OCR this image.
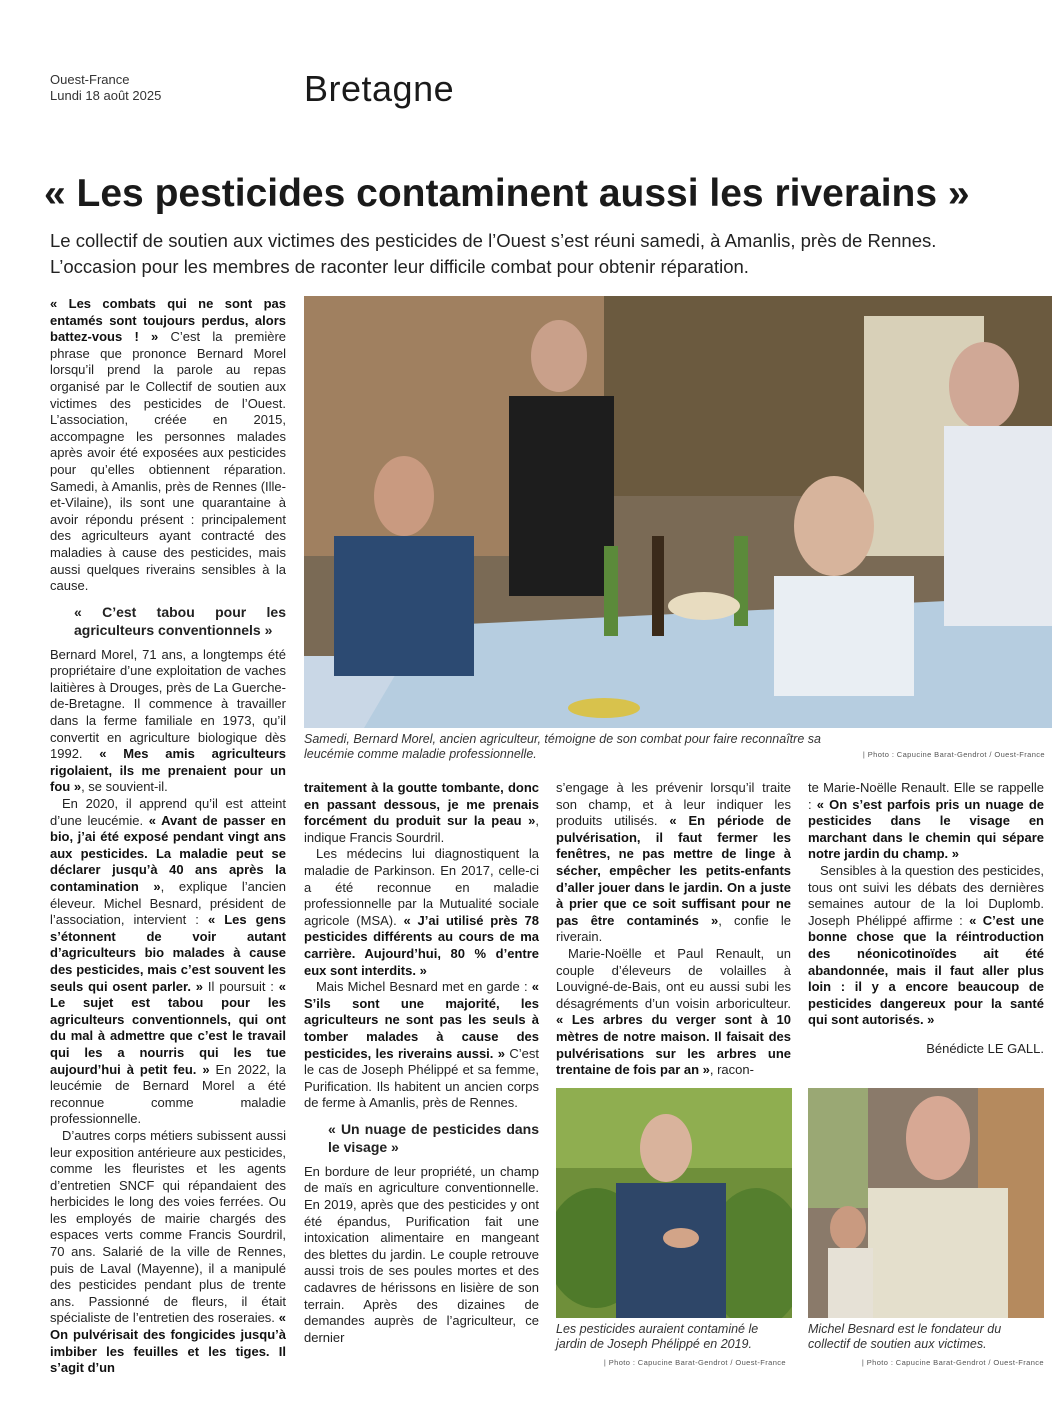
Ouest-France
Lundi 18 août 2025	Bretagne
« Les pesticides contaminent aussi les riverains »
Le collectif de soutien aux victimes des pesticides de l’Ouest s’est réuni samedi, à Amanlis, près de Rennes. L’occasion pour les membres de raconter leur difficile combat pour obtenir réparation.

« Les combats qui ne sont pas entamés sont toujours perdus, alors battez-vous ! » C’est la première phrase que prononce Bernard Morel lorsqu’il prend la parole au repas organisé par le Collectif de soutien aux victimes des pesticides de l’Ouest. L’association, créée en 2015, accompagne les personnes malades après avoir été exposées aux pesticides pour qu’elles obtiennent réparation. Samedi, à Amanlis, près de Rennes (Ille-et-Vilaine), ils sont une quarantaine à avoir répondu présent : principalement des agriculteurs ayant contracté des maladies à cause des pesticides, mais aussi quelques riverains sensibles à la cause.

« C’est tabou pour les agriculteurs conventionnels »

Bernard Morel, 71 ans, a longtemps été propriétaire d’une exploitation de vaches laitières à Drouges, près de La Guerche-de-Bretagne. Il commence à travailler dans la ferme familiale en 1973, qu’il convertit en agriculture biologique dès 1992. « Mes amis agriculteurs rigolaient, ils me prenaient pour un fou », se souvient-il.

En 2020, il apprend qu’il est atteint d’une leucémie. « Avant de passer en bio, j’ai été exposé pendant vingt ans aux pesticides. La maladie peut se déclarer jusqu’à 40 ans après la contamination », explique l’ancien éleveur. Michel Besnard, président de l’association, intervient : « Les gens s’étonnent de voir autant d’agriculteurs bio malades à cause des pesticides, mais c’est souvent les seuls qui osent parler. » Il poursuit : « Le sujet est tabou pour les agriculteurs conventionnels, qui ont du mal à admettre que c’est le travail qui les a nourris qui les tue aujourd’hui à petit feu. » En 2022, la leucémie de Bernard Morel a été reconnue comme maladie professionnelle.

D’autres corps métiers subissent aussi leur exposition antérieure aux pesticides, comme les fleuristes et les agents d’entretien SNCF qui répandaient des herbicides le long des voies ferrées. Ou les employés de mairie chargés des espaces verts comme Francis Sourdril, 70 ans. Salarié de la ville de Rennes, puis de Laval (Mayenne), il a manipulé des pesticides pendant plus de trente ans. Passionné de fleurs, il était spécialiste de l’entretien des roseraies. « On pulvérisait des fongicides jusqu’à imbiber les feuilles et les tiges. Il s’agit d’un

Samedi, Bernard Morel, ancien agriculteur, témoigne de son combat pour faire reconnaître sa leucémie comme maladie professionnelle.	| Photo : Capucine Barat-Gendrot / Ouest-France

traitement à la goutte tombante, donc en passant dessous, je me prenais forcément du produit sur la peau », indique Francis Sourdril.

Les médecins lui diagnostiquent la maladie de Parkinson. En 2017, celle-ci a été reconnue en maladie professionnelle par la Mutualité sociale agricole (MSA). « J’ai utilisé près 78 pesticides différents au cours de ma carrière. Aujourd’hui, 80 % d’entre eux sont interdits. »

Mais Michel Besnard met en garde : « S’ils sont une majorité, les agriculteurs ne sont pas les seuls à tomber malades à cause des pesticides, les riverains aussi. » C’est le cas de Joseph Phélippé et sa femme, Purification. Ils habitent un ancien corps de ferme à Amanlis, près de Rennes.

« Un nuage de pesticides dans le visage »

En bordure de leur propriété, un champ de maïs en agriculture conventionnelle. En 2019, après que des pesticides y ont été épandus, Purification fait une intoxication alimentaire en mangeant des blettes du jardin. Le couple retrouve aussi trois de ses poules mortes et des cadavres de hérissons en lisière de son terrain. Après des dizaines de demandes auprès de l’agriculteur, ce dernier

s’engage à les prévenir lorsqu’il traite son champ, et à leur indiquer les produits utilisés. « En période de pulvérisation, il faut fermer les fenêtres, ne pas mettre de linge à sécher, empêcher les petits-enfants d’aller jouer dans le jardin. On a juste à prier que ce soit suffisant pour ne pas être contaminés », confie le riverain.

Marie-Noëlle et Paul Renault, un couple d’éleveurs de volailles à Louvigné-de-Bais, ont eu aussi subi les désagréments d’un voisin arboriculteur. « Les arbres du verger sont à 10 mètres de notre maison. Il faisait des pulvérisations sur les arbres une trentaine de fois par an », racon-

te Marie-Noëlle Renault. Elle se rappelle : « On s’est parfois pris un nuage de pesticides dans le visage en marchant dans le chemin qui sépare notre jardin du champ. »

Sensibles à la question des pesticides, tous ont suivi les débats des dernières semaines autour de la loi Duplomb. Joseph Phélippé affirme : « C’est une bonne chose que la réintroduction des néonicotinoïdes ait été abandonnée, mais il faut aller plus loin : il y a encore beaucoup de pesticides dangereux pour la santé qui sont autorisés. »

Bénédicte LE GALL.
Les pesticides auraient contaminé le jardin de Joseph Phélippé en 2019.
| Photo : Capucine Barat-Gendrot / Ouest-France
Michel Besnard est le fondateur du collectif de soutien aux victimes.
| Photo : Capucine Barat-Gendrot / Ouest-France
